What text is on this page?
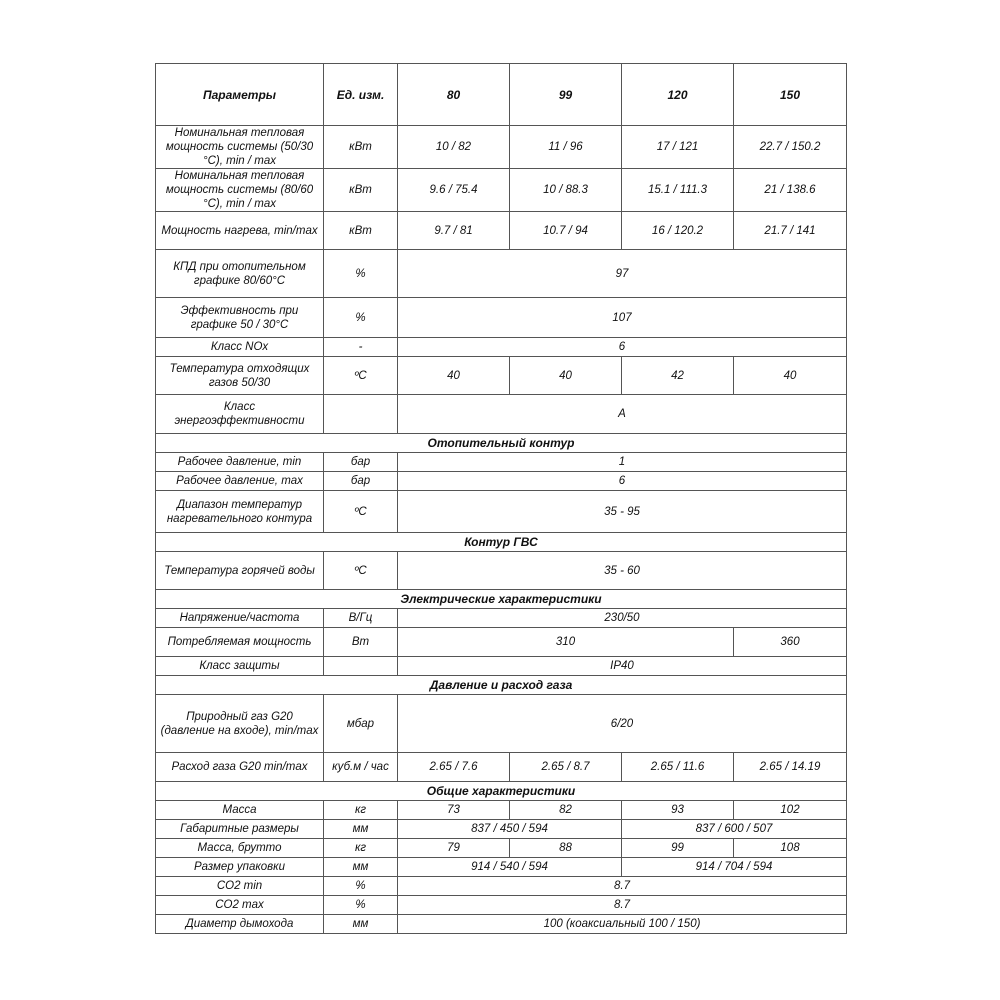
Параметры	Ед. изм.	80	99	120	150
Номинальная тепловая мощность системы (50/30 °С), min / max	кВт	10 / 82	11 / 96	17 / 121	22.7 / 150.2
Номинальная тепловая мощность системы (80/60 °С), min / max	кВт	9.6 / 75.4	10 / 88.3	15.1 / 111.3	21 / 138.6
Мощность нагрева, min/max	кВт	9.7 / 81	10.7 / 94	16 / 120.2	21.7 / 141
КПД при отопительном графике 80/60°С	%	97			
Эффективность при графике 50 / 30°С	%	107			
Класс NOx	-	6			
Температура отходящих газов 50/30	ºС	40	40	42	40
Класс энергоэффективности		A			
Отопительный контур					
Рабочее давление, min	бар	1			
Рабочее давление, max	бар	6			
Диапазон температур нагревательного контура	ºС	35 - 95			
Контур ГВС					
Температура горячей воды	ºС	35 - 60			
Электрические характеристики					
Напряжение/частота	В/Гц	230/50			
Потребляемая мощность	Вт	310			360
Класс защиты		IP40			
Давление и расход газа					
Природный газ G20 (давление на входе), min/max	мбар	6/20			
Расход газа G20 min/max	куб.м / час	2.65 / 7.6	2.65 / 8.7	2.65 / 11.6	2.65 / 14.19
Общие характеристики					
Масса	кг	73	82	93	102
Габаритные размеры	мм	837 / 450 / 594		837 / 600 / 507	
Масса, брутто	кг	79	88	99	108
Размер упаковки	мм	914 / 540 / 594		914 / 704 / 594	
CO2 min	%	8.7			
CO2 max	%	8.7			
Диаметр дымохода	мм	100 (коаксиальный 100 / 150)			
